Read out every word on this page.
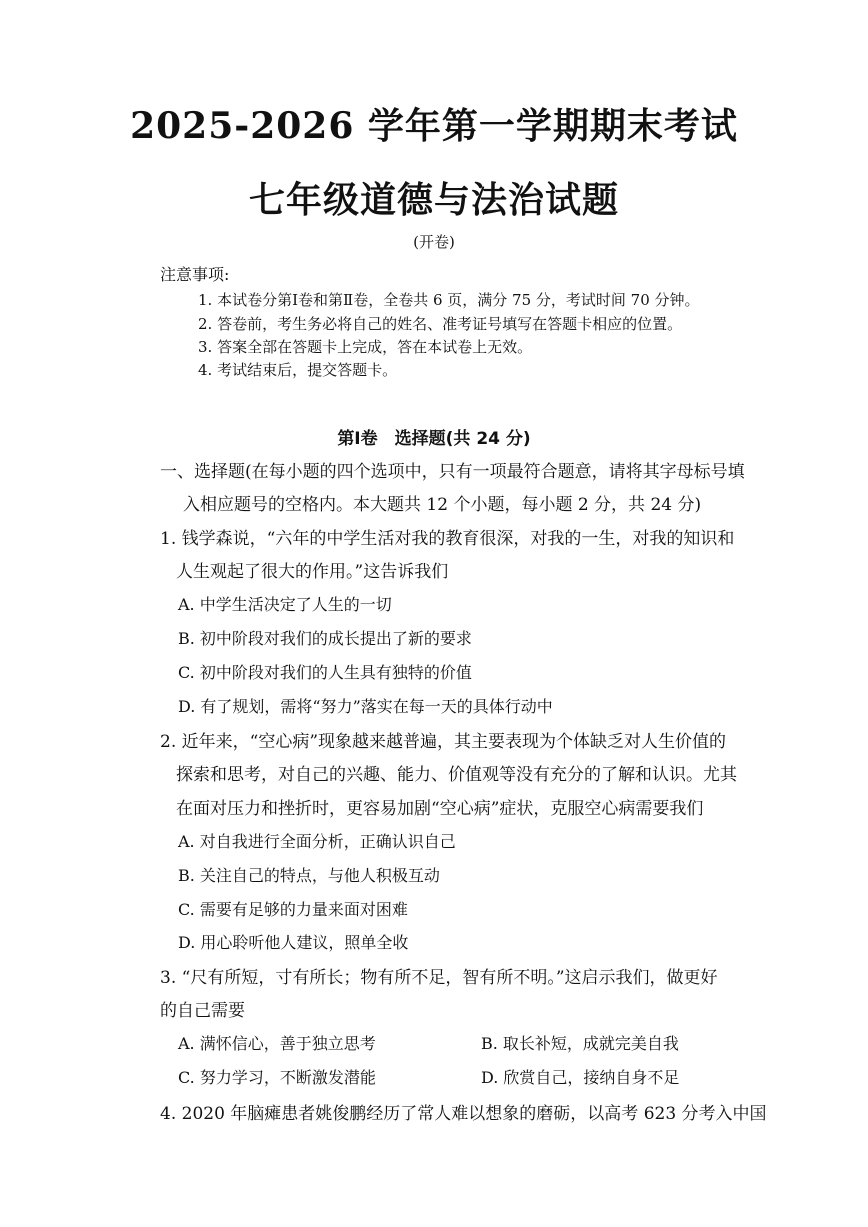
2025-2026 学年第一学期期末考试
七年级道德与法治试题
(开卷)
注意事项:
1. 本试卷分第Ⅰ卷和第Ⅱ卷，全卷共 6 页，满分 75 分，考试时间 70 分钟。
2. 答卷前，考生务必将自己的姓名、准考证号填写在答题卡相应的位置。
3. 答案全部在答题卡上完成，答在本试卷上无效。
4. 考试结束后，提交答题卡。
第Ⅰ卷　选择题(共 24 分)
一、选择题(在每小题的四个选项中，只有一项最符合题意，请将其字母标号填
入相应题号的空格内。本大题共 12 个小题，每小题 2 分，共 24 分)
1. 钱学森说，“六年的中学生活对我的教育很深，对我的一生，对我的知识和
人生观起了很大的作用。”这告诉我们
A. 中学生活决定了人生的一切
B. 初中阶段对我们的成长提出了新的要求
C. 初中阶段对我们的人生具有独特的价值
D. 有了规划，需将“努力”落实在每一天的具体行动中
2. 近年来，“空心病”现象越来越普遍，其主要表现为个体缺乏对人生价值的
探索和思考，对自己的兴趣、能力、价值观等没有充分的了解和认识。尤其
在面对压力和挫折时，更容易加剧“空心病”症状，克服空心病需要我们
A. 对自我进行全面分析，正确认识自己
B. 关注自己的特点，与他人积极互动
C. 需要有足够的力量来面对困难
D. 用心聆听他人建议，照单全收
3. “尺有所短，寸有所长；物有所不足，智有所不明。”这启示我们，做更好
的自己需要
A. 满怀信心，善于独立思考	B. 取长补短，成就完美自我
C. 努力学习，不断激发潜能	D. 欣赏自己，接纳自身不足
4. 2020 年脑瘫患者姚俊鹏经历了常人难以想象的磨砺，以高考 623 分考入中国
